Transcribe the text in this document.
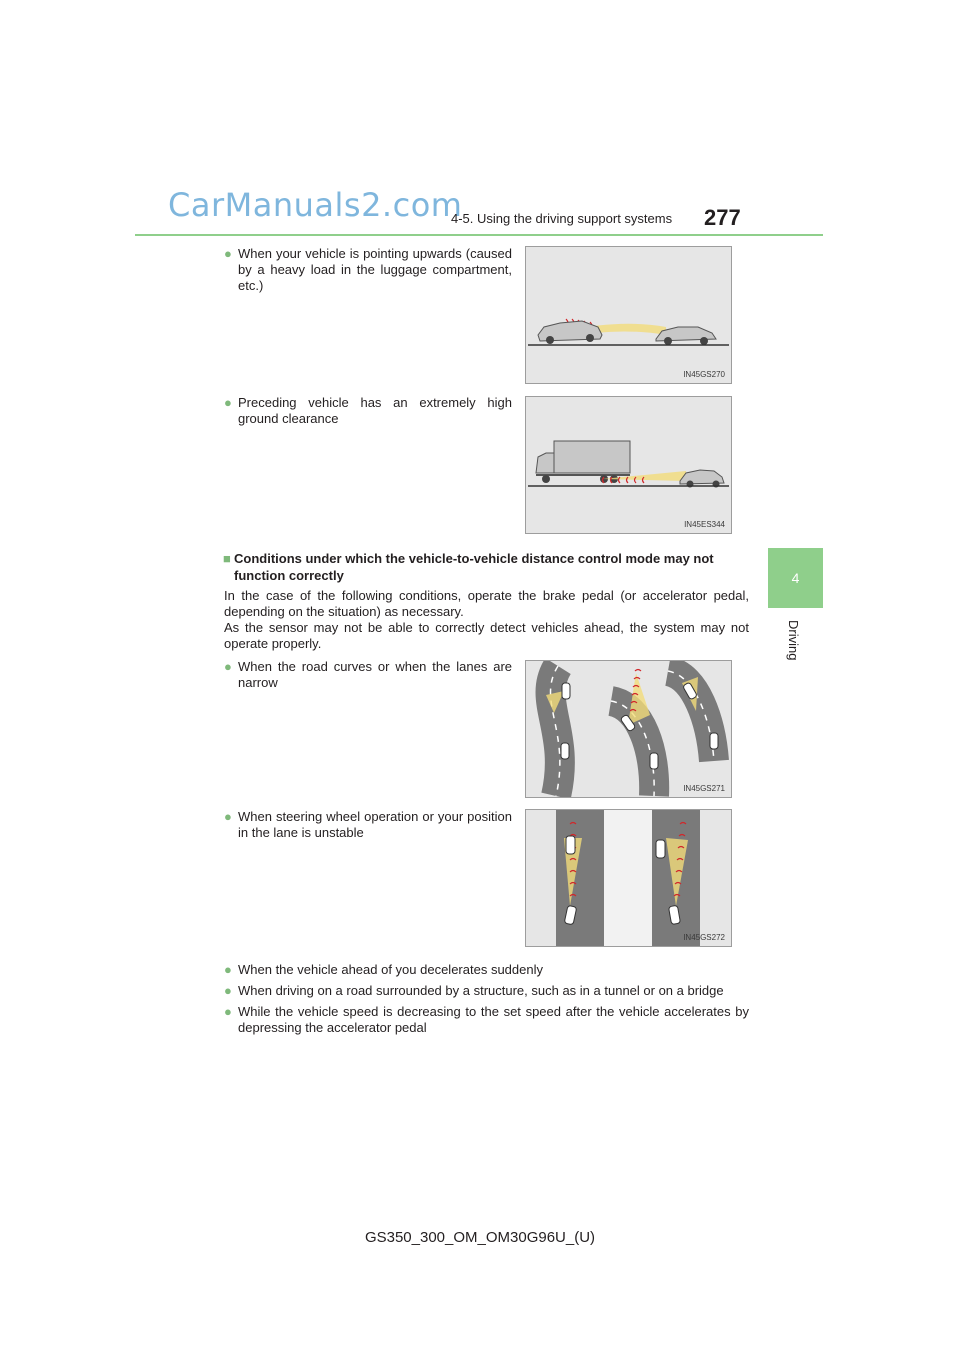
CarManuals2.com
4-5. Using the driving support systems 277
4
Driving
● When your vehicle is pointing upwards (caused by a heavy load in the luggage compartment, etc.)
IN45GS270
● Preceding vehicle has an extremely high ground clearance
IN45ES344
■ Conditions under which the vehicle-to-vehicle distance control mode may not function correctly
In the case of the following conditions, operate the brake pedal (or accelerator pedal, depending on the situation) as necessary.
As the sensor may not be able to correctly detect vehicles ahead, the system may not operate properly.
● When the road curves or when the lanes are narrow
IN45GS271
● When steering wheel operation or your position in the lane is unstable
IN45GS272
● When the vehicle ahead of you decelerates suddenly
● When driving on a road surrounded by a structure, such as in a tunnel or on a bridge
● While the vehicle speed is decreasing to the set speed after the vehicle accelerates by depressing the accelerator pedal
GS350_300_OM_OM30G96U_(U)
